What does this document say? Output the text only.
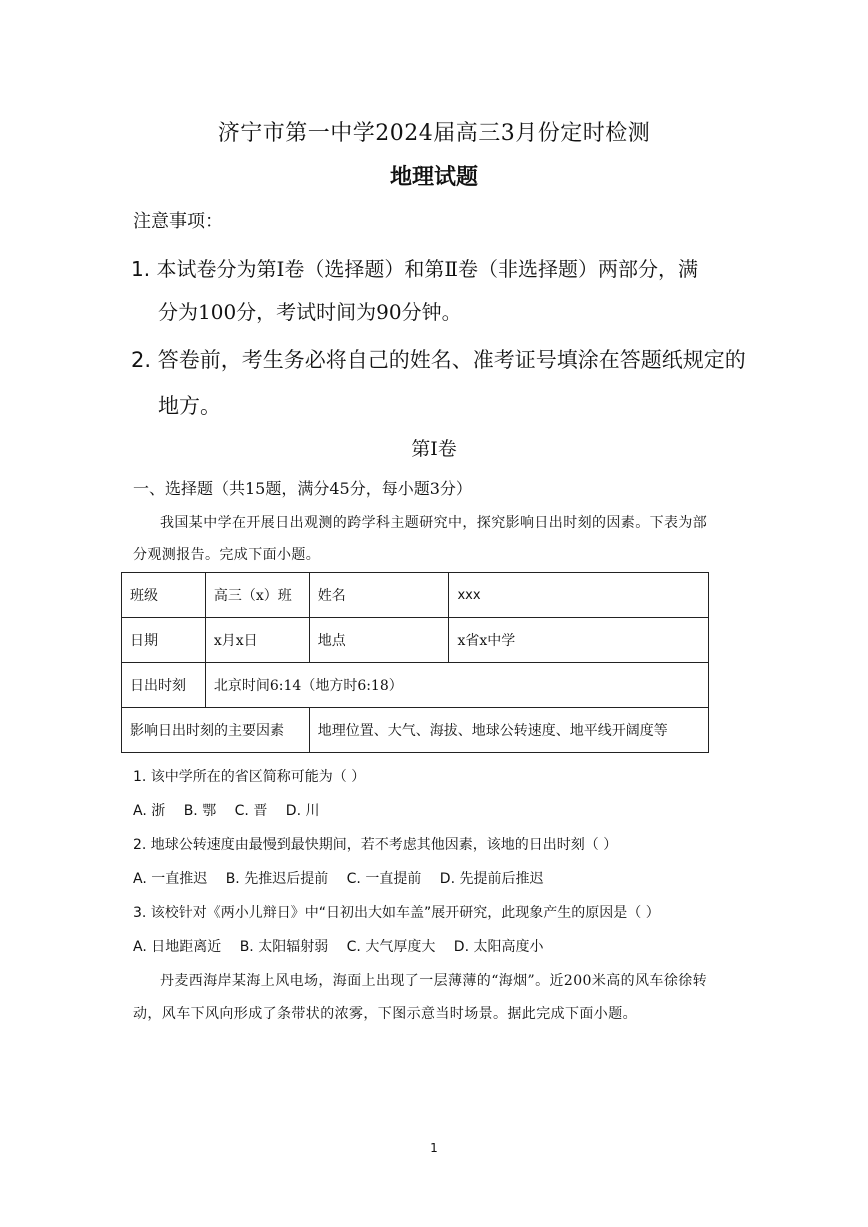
济宁市第一中学2024届高三3月份定时检测
地理试题
注意事项：
1. 本试卷分为第Ⅰ卷（选择题）和第Ⅱ卷（非选择题）两部分，满
分为100分，考试时间为90分钟。
2. 答卷前，考生务必将自己的姓名、准考证号填涂在答题纸规定的
地方。
第Ⅰ卷
一、选择题（共15题，满分45分，每小题3分）
我国某中学在开展日出观测的跨学科主题研究中，探究影响日出时刻的因素。下表为部
分观测报告。完成下面小题。
班级	高三（x）班	姓名	xxx
日期	x月x日	地点	x省x中学
日出时刻	北京时间6:14（地方时6:18）		
影响日出时刻的主要因素		地理位置、大气、海拔、地球公转速度、地平线开阔度等	
1. 该中学所在的省区简称可能为（ ）
A. 浙 B. 鄂 C. 晋 D. 川
2. 地球公转速度由最慢到最快期间，若不考虑其他因素，该地的日出时刻（ ）
A. 一直推迟 B. 先推迟后提前 C. 一直提前 D. 先提前后推迟
3. 该校针对《两小儿辩日》中“日初出大如车盖”展开研究，此现象产生的原因是（ ）
A. 日地距离近 B. 太阳辐射弱 C. 大气厚度大 D. 太阳高度小
丹麦西海岸某海上风电场，海面上出现了一层薄薄的“海烟”。近200米高的风车徐徐转
动，风车下风向形成了条带状的浓雾，下图示意当时场景。据此完成下面小题。
1
